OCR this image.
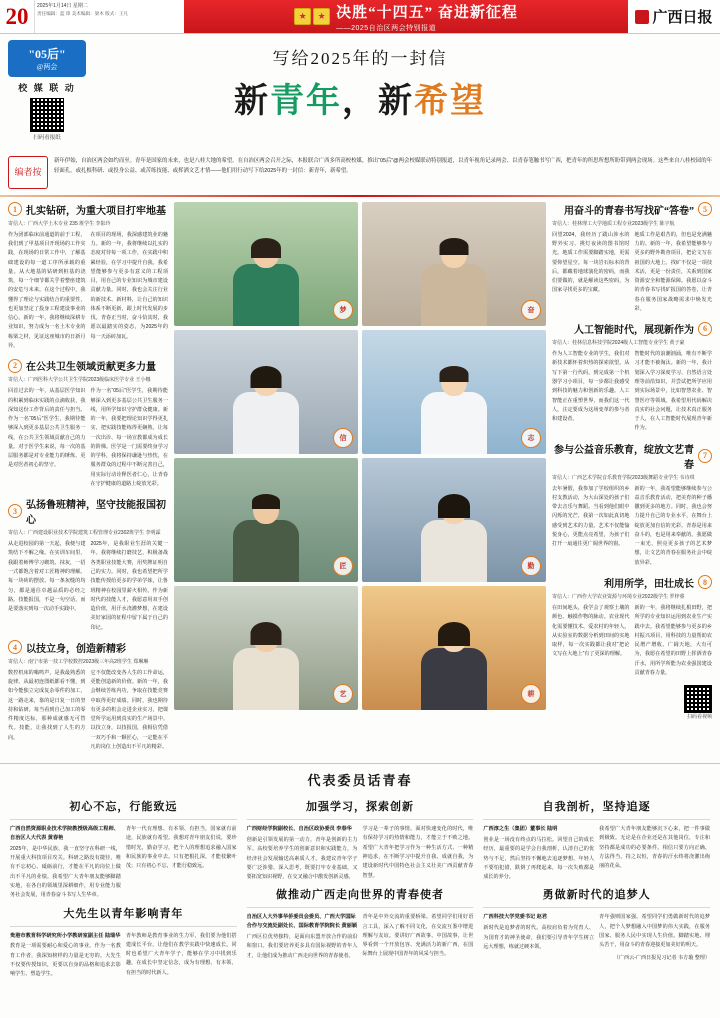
20	2025年1月14日 星期二
责任编辑：蓝 锋 美术编辑：梁木 版式：王凡 ★ ★	决胜“十四五” 奋进新征程
——2025自治区两会特别报道
广西日报
"05后"
@两会
校 媒 联 动
扫码看报纸
写给2025年的一封信
新青年，新希望
编者按
新年伊始，自治区两会如约而至。青年是国家的未来，也是八桂大地的希望。在自治区两会召开之际，本报联合广西多所高校校媒，推出“05后”@两会校媒联动特别报道，以青年视角记录两会、以青春笔触书写广西，把青年的所思所想所盼带到两会现场。这些来自八桂校园的年轻面孔，或扎根科研、或投身公益、或苦练技能、或挥洒文艺才情——他们用行动写下给2025年的一封信：新青年，新希望。
1 扎实钻研，为重大项目打牢地基
寄信人：广西大学土木专业 235 班学生 李影玲
作为团部临床前通道的前于工程，我们到了甲基项目开现场的工作实践，在现场的日常工作中，了解基础建设的每一道工序所承载的重量。从大地基的钻研到桩基的浇筑，每一个细节都关乎着整座建筑的安危与未来。在这个过程中，我懂得了理论与实践结合的重要性，也更加坚定了投身工程建设事业的信心。新的一年，我将继续深耕专业知识，努力成为一名土木专业的栋梁之材，见证这座城市的日新月异。
在项目的现场，我深感建筑业的魅力。新的一年，我将继续以扎实的态度对待每一项工作，在实践中积累经验，在学习中提升自我。我希望能够参与更多有意义的工程项目，用自己的专业知识为城市建设贡献力量。同时，我也会关注行业的新技术、新材料，让自己的知识体系不断更新，跟上时代发展的步伐。青春正当时，奋斗恰其时，我愿以最踏实的姿态，为2025年的每一天添砖加瓦。
2 在公共卫生领域贡献更多力量
寄信人：广西医科大学公共卫生学院2023级临床医学专业 王小娜
回首过去的一年，从基层医学知识的积累到临床实践的点滴收获，我深知这份工作背后的责任与担当。作为一名“05后”医学生，我期待能够深入到更多基层公共卫生服务一线，在公共卫生领域贡献自己的力量。对于医学生来说，每一次的基层服务都是对专业能力的锤炼，更是对医者初心的坚守。
作为一名“05后”医学生，我期待能够深入到更多基层公共卫生服务一线，用所学知识守护群众健康。新的一年，我要把理论知识学得更扎实，把实践技能练得更娴熟，让每一次出诊、每一场宣教都成为成长的阶梯。医学是一门需要终身学习的学科，我将保持谦逊与热忱，在服务群众的过程中不断完善自己，用实际行动诠释医者仁心，让青春在守护健康的道路上绽放光彩。
3 弘扬鲁班精神，坚守技能报国初心
寄信人：广西建设职业技术学院建筑工程管理专业2302班学生 李明霖
从走进校园的第一天起，我便与建筑结下不解之缘。在实训车间里，我跟着师傅学习砌筑、抹灰，一招一式都饱含着对工匠精神的理解。每一块砖的摆放、每一条灰缝的均匀，都是通往卓越品质的必经之路。技能报国，不是一句空话，而是要落实到每一次动手实践中。
2025年，是我职业生涯的关键一年。我将继续打磨技艺，积极备战各类职业技能大赛，用奖牌证明自己的实力。同时，我也希望把所学技能传授给更多的学弟学妹，让鲁班精神在校园里薪火相传。作为新时代的技能人才，我愿意用双手创造价值，用汗水浇灌梦想，在建设美好家园的征程中留下属于自己的印记。
4 以技立身，创造新精彩
寄信人：南宁市第一技工学校数控2023级三年高2班学生 郑琳琳
数控机床的嗡鸣声，是我最熟悉的旋律。从最初连图纸都看不懂，到如今能独立完成复杂零件的加工，这一路走来，靠的是日复一日的坚持和钻研。每当看到自己加工的零件精度达标，那种成就感无可替代。技能，让我找到了人生的方向。
它不仅能改变各人生的工作命运，更能创造新的价值。新的一年，我会继续苦练内功，争取在技能竞赛中取得更好成绩。同时，我也期待有更多的机会走进企业实习，把课堂所学运用到真实的生产场景中。以技立身，以技报国，我相信凭借一双巧手和一颗匠心，一定能在平凡的岗位上创造出不平凡的精彩。
梦	奋
信	志
匠	勤
艺	耕
5
用奋斗的青春书写找矿“答卷”
寄信人：桂林理工大学地质工程专业2023级学生 陈宇航
回望2024，我经历了跋山涉水的野外实习、挑灯夜读的图书馆时光。地质工作需要脚踏实地，更需要仰望星空。每一块岩石标本的背后，都藏着地球演化的密码，而我们要做的，就是解读这些密码，为国家寻找更多的宝藏。
地质工作是艰苦的，但也是充满魅力的。新的一年，我希望能够参与更多的野外勘查项目，把论文写在祖国的大地上。找矿不仅是一项技术活，更是一份责任，关系到国家资源安全和能源保障。我愿以奋斗的青春书写找矿报国的答卷，让青春在服务国家战略需求中焕发光彩。
6
人工智能时代，展现新作为
寄信人：桂林信息科技学院2024级人工智能专业学生 黄子豪
作为人工智能专业的学生，我们对新技术都怀着炽热的探索欲望。从写下第一行代码，到完成第一个机器学习小项目，每一步都让我感受到科技的魅力和创新的乐趣。人工智能正在重塑世界，而我们这一代人，注定要成为这场变革的参与者和建设者。
智能时代的浪潮汹涌，唯有不断学习才能不被淘汰。新的一年，我计划深入学习深度学习、自然语言处理等前沿知识，并尝试把所学应用到实际场景中，比如智慧农业、智慧医疗等领域。我希望用代码解决真实的社会问题，让技术真正服务于人，在人工智能时代展现青年新作为。
7
参与公益音乐教育，绽放文艺青春
寄信人：广西艺术学院音乐教育学院2023级舞蹈专业学生 韦诗琪
去年暑假，我参加了学校组织的乡村支教活动，为大山深处的孩子们带去音乐与舞蹈。当看到他们眼中闪烁的光芒，我第一次如此真切地感受到艺术的力量。艺术不仅能愉悦身心，更能点亮希望，为孩子们打开一扇通往更广阔世界的窗。
新的一年，我希望能够继续参与公益音乐教育活动，把美育的种子播撒到更多的地方。同时，我也会努力提升自己的专业水平，在舞台上绽放更加自信的光彩。青春是用来奋斗的，也是用来奉献的。我愿做一束光，照亮更多孩子的艺术梦想，让文艺的青春在服务社会中绽放异彩。
8
利用所学，田壮成长
寄信人：广西作大学农业资源与环境专业2022级学生 罗梓睿
在田间地头，我学会了观察土壤的颜色、触摸作物的脉动。农业现代化需要懂技术、爱农村的年轻人。从实验室的数据分析到田间的实地取样，每一次实践都让我对“把论文写在大地上”有了更深的理解。
新的一年，我将继续扎根田野，把所学的专业知识运用到农业生产实践中去。我希望能够参与更多的乡村振兴项目，用科技的力量帮助农民增产增收。广阔天地，大有可为，我愿在希望的田野上挥洒青春汗水，用所学所能为农业强国建设贡献青春力量。
扫码看视频
代表委员话青春
初心不忘，行能致远
广西自然资源职业技术学院教授级高级工程师、自治区人大代表 黄春艳
2025年，是中华民族、我一直坚守在科研一线，开展重大科技项目攻关。科研之路没有捷径，唯有不忘初心、砥砺前行，才能在平凡的岗位上做出不平凡的业绩。我希望广大青年朋友能够脚踏实地，在各自的领域里深耕细作，用专业能力服务社会发展，用青春奋斗书写人生华章。
青年一代有理想、有本领、有担当，国家就有前途，民族就有希望。我想对青年朋友们说，要珍惜时光，勤奋学习，把个人的理想追求融入国家和民族的事业中去。只有把根扎深，才能枝繁叶茂；只有初心不忘，才能行稳致远。
大先生以青年影响青年
贵港市教育科学研究所小学教研室副主任 陆瑞华
教育是一项需要耐心和爱心的事业。作为一名教育工作者，我深知榜样的力量是无穷的。大先生不仅要传授知识，更要以自身的品格和追求去影响学生、塑造学生。
青年教师是教育事业的生力军，我们要为他们搭建成长平台，让他们在教学实践中快速成长。同时也希望广大青年学子，能够在学习中找到乐趣，在成长中坚定信念，成为有理想、有本领、有担当的时代新人。
加强学习，探索创新
广西财经学院副校长、自治区政协委员 李春华
创新是引领发展的第一动力，青年是创新的主力军。高校要培养学生的创新意识和实践能力，为经济社会发展输送高素质人才。我建议青年学子要广泛涉猎、深入思考，既要打牢专业基础，又要拓宽知识视野，在交叉融合中激发创新灵感。
学习是一辈子的事情。面对快速变化的时代，唯有保持学习的热情和能力，才能立于不败之地。希望广大青年把学习作为一种生活方式、一种精神追求，在不断学习中提升自我、成就自我，为建设新时代中国特色社会主义壮美广西贡献青春智慧。
做推动广西走向世界的青春使者
自治区人大外事华侨委员会委员、广西大学国际合作与交流处副处长、国际教育学院院长 黄丽颖
广西区位优势独特，是面向东盟开放合作的前沿和窗口。我们要培养更多具有国际视野的青年人才，让他们成为推动广西走向世界的青春使者。
青年是中外交流的重要桥梁。希望同学们用好语言工具，深入了解不同文化，在交流互鉴中增进理解与友谊。要讲好广西故事、中国故事，让世界看到一个开放包容、充满活力的新广西，在国际舞台上展现中国青年的风采与担当。
自我剖析，坚持追逐
广西淳之生（集团）董事长 陆明
创业是一场没有终点的马拉松。回望自己的成长经历，最重要的是学会自我剖析，认清自己的优势与不足，然后坚持不懈地去追逐梦想。年轻人不要怕犯错，跌倒了再爬起来，每一次失败都是成长的养分。
我希望广大青年朋友能够沉下心来，把一件事做到极致。无论是在企业还是在其他岗位，专注和坚持都是成功的必要条件。相信只要方向正确、方法得当、持之以恒，青春的汗水终将浇灌出绚丽的花朵。
勇做新时代的追梦人
广西科技大学党委书记 赵君
新时代是追梦者的时代。高校肩负着为党育人、为国育才的神圣使命，我们要引导青年学生树立远大理想，练就过硬本领。
青年强则国家强。希望同学们勇做新时代的追梦人，把个人梦想融入中国梦的伟大实践，在服务国家、服务人民中实现人生价值。脚踏实地、埋头苦干，用奋斗的青春迎接更加美好的明天。
（广西云-广西日报见习记者 韦方璇 整理）
